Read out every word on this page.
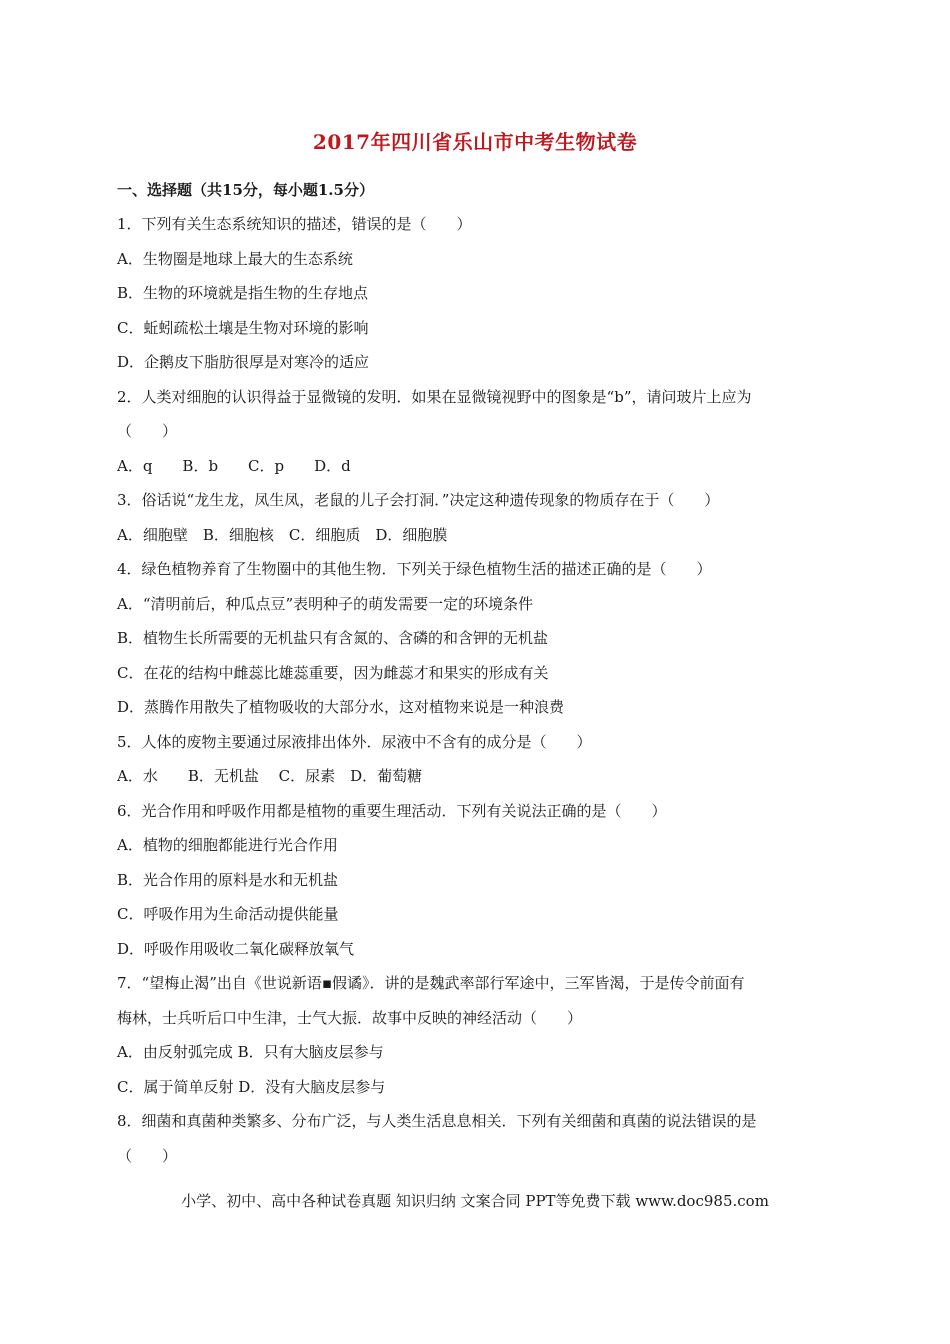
2017年四川省乐山市中考生物试卷
一、选择题（共15分，每小题1.5分）
1．下列有关生态系统知识的描述，错误的是（　　）
A．生物圈是地球上最大的生态系统
B．生物的环境就是指生物的生存地点
C．蚯蚓疏松土壤是生物对环境的影响
D．企鹅皮下脂肪很厚是对寒冷的适应
2．人类对细胞的认识得益于显微镜的发明．如果在显微镜视野中的图象是“b”，请问玻片上应为
（　　）
A．q　　B．b　　C．p　　D．d
3．俗话说“龙生龙，凤生凤，老鼠的儿子会打洞．”决定这种遗传现象的物质存在于（　　）
A．细胞壁　B．细胞核　C．细胞质　D．细胞膜
4．绿色植物养育了生物圈中的其他生物．下列关于绿色植物生活的描述正确的是（　　）
A．“清明前后，种瓜点豆”表明种子的萌发需要一定的环境条件
B．植物生长所需要的无机盐只有含氮的、含磷的和含钾的无机盐
C．在花的结构中雌蕊比雄蕊重要，因为雌蕊才和果实的形成有关
D．蒸腾作用散失了植物吸收的大部分水，这对植物来说是一种浪费
5．人体的废物主要通过尿液排出体外．尿液中不含有的成分是（　　）
A．水　　B．无机盐　 C．尿素　D．葡萄糖
6．光合作用和呼吸作用都是植物的重要生理活动．下列有关说法正确的是（　　）
A．植物的细胞都能进行光合作用
B．光合作用的原料是水和无机盐
C．呼吸作用为生命活动提供能量
D．呼吸作用吸收二氧化碳释放氧气
7．“望梅止渴”出自《世说新语▪假谲》．讲的是魏武率部行军途中，三军皆渴，于是传令前面有
梅林，士兵听后口中生津，士气大振．故事中反映的神经活动（　　）
A．由反射弧完成 B．只有大脑皮层参与
C．属于简单反射 D．没有大脑皮层参与
8．细菌和真菌种类繁多、分布广泛，与人类生活息息相关．下列有关细菌和真菌的说法错误的是
（　　）
小学、初中、高中各种试卷真题 知识归纳 文案合同 PPT等免费下载 www.doc985.com
